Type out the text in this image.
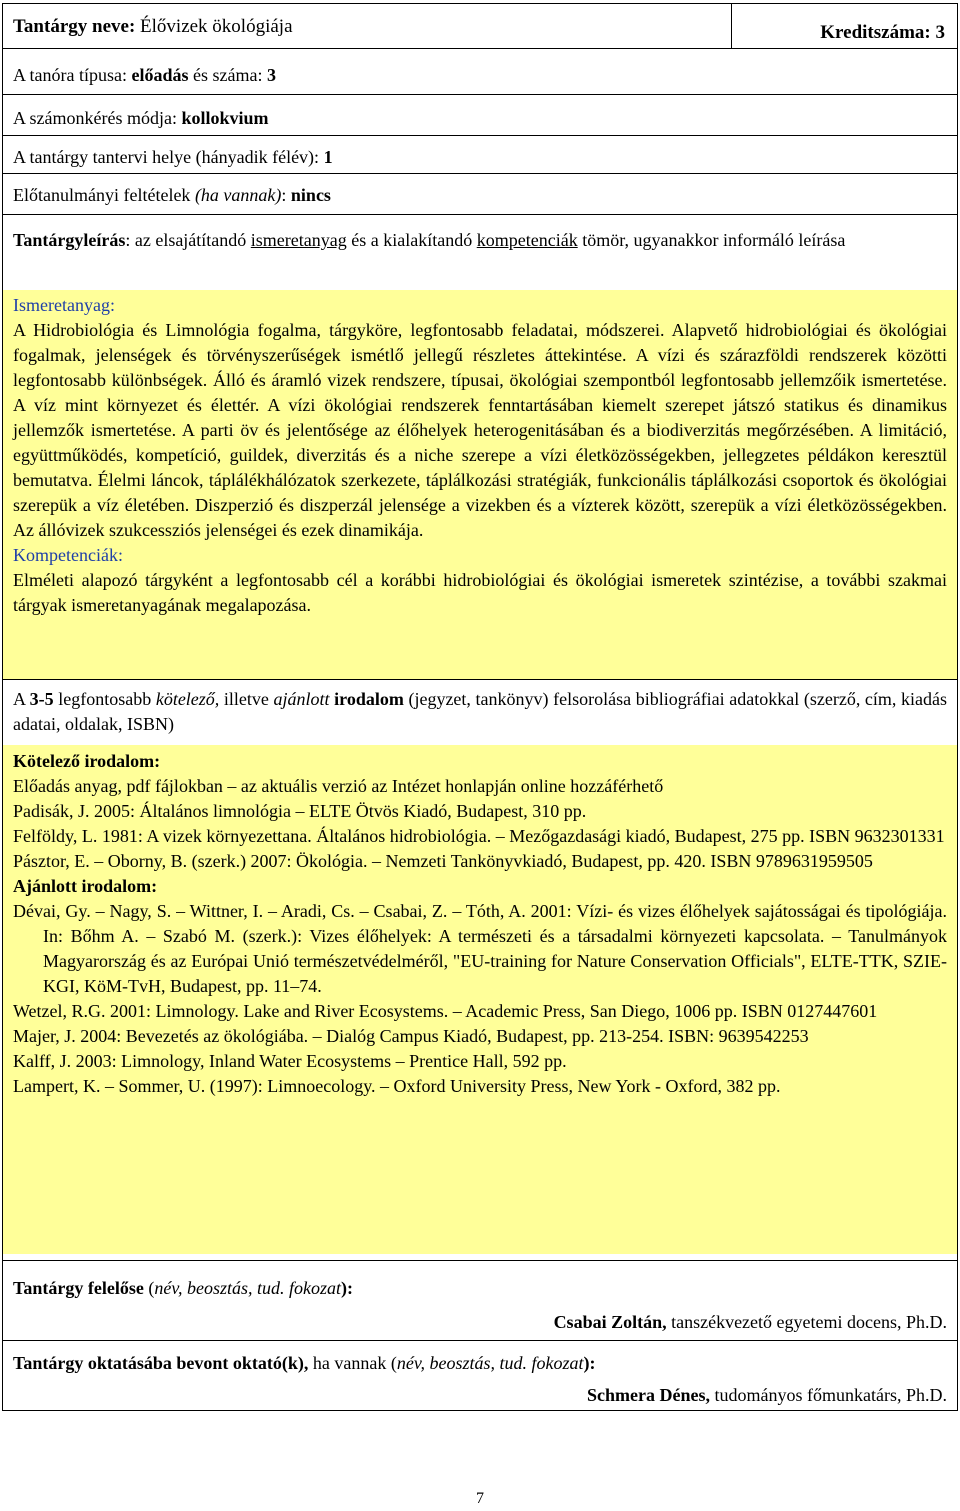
Tantárgy neve: Élővizek ökológiája	Kreditszáma: 3
A tanóra típusa: előadás és száma: 3
A számonkérés módja: kollokvium
A tantárgy tantervi helye (hányadik félév): 1
Előtanulmányi feltételek (ha vannak): nincs
Tantárgyleírás: az elsajátítandó ismeretanyag és a kialakítandó kompetenciák tömör, ugyanakkor informáló leírása

Ismeretanyag:

A Hidrobiológia és Limnológia fogalma, tárgyköre, legfontosabb feladatai, módszerei. Alapvető hidrobiológiai és ökológiai fogalmak, jelenségek és törvényszerűségek ismétlő jellegű részletes áttekintése. A vízi és szárazföldi rendszerek közötti legfontosabb különbségek. Álló és áramló vizek rendszere, típusai, ökológiai szempontból legfontosabb jellemzőik ismertetése. A víz mint környezet és élettér. A vízi ökológiai rendszerek fenntartásában kiemelt szerepet játszó statikus és dinamikus jellemzők ismertetése. A parti öv és jelentősége az élőhelyek heterogenitásában és a biodiverzitás megőrzésében. A limitáció, együttműködés, kompetíció, guildek, diverzitás és a niche szerepe a vízi életközösségekben, jellegzetes példákon keresztül bemutatva. Élelmi láncok, táplálékhálózatok szerkezete, táplálkozási stratégiák, funkcionális táplálkozási csoportok és ökológiai szerepük a víz életében. Diszperzió és diszperzál jelensége a vizekben és a vízterek között, szerepük a vízi életközösségekben. Az állóvizek szukcessziós jelenségei és ezek dinamikája.

Kompetenciák:

Elméleti alapozó tárgyként a legfontosabb cél a korábbi hidrobiológiai és ökológiai ismeretek szintézise, a további szakmai tárgyak ismeretanyagának megalapozása.

A 3-5 legfontosabb kötelező, illetve ajánlott irodalom (jegyzet, tankönyv) felsorolása bibliográfiai adatokkal (szerző, cím, kiadás adatai, oldalak, ISBN)

Kötelező irodalom:

Előadás anyag, pdf fájlokban – az aktuális verzió az Intézet honlapján online hozzáférhető

Padisák, J. 2005: Általános limnológia – ELTE Ötvös Kiadó, Budapest, 310 pp.

Felföldy, L. 1981: A vizek környezettana. Általános hidrobiológia. – Mezőgazdasági kiadó, Budapest, 275 pp. ISBN 9632301331

Pásztor, E. – Oborny, B. (szerk.) 2007: Ökológia. – Nemzeti Tankönyvkiadó, Budapest, pp. 420. ISBN 9789631959505

Ajánlott irodalom:

Dévai, Gy. – Nagy, S. – Wittner, I. – Aradi, Cs. – Csabai, Z. – Tóth, A. 2001: Vízi- és vizes élőhelyek sajátosságai és tipológiája. In: Bőhm A. – Szabó M. (szerk.): Vizes élőhelyek: A természeti és a társadalmi környezeti kapcsolata. – Tanulmányok Magyarország és az Európai Unió természetvédelméről, "EU-training for Nature Conservation Officials", ELTE-TTK, SZIE-KGI, KöM-TvH, Budapest, pp. 11–74.

Wetzel, R.G. 2001: Limnology. Lake and River Ecosystems. – Academic Press, San Diego, 1006 pp. ISBN 0127447601

Majer, J. 2004: Bevezetés az ökológiába. – Dialóg Campus Kiadó, Budapest, pp. 213-254. ISBN: 9639542253

Kalff, J. 2003: Limnology, Inland Water Ecosystems – Prentice Hall, 592 pp.

Lampert, K. – Sommer, U. (1997): Limnoecology. – Oxford University Press, New York - Oxford, 382 pp.

Tantárgy felelőse (név, beosztás, tud. fokozat):
Csabai Zoltán, tanszékvezető egyetemi docens, Ph.D.
Tantárgy oktatásába bevont oktató(k), ha vannak (név, beosztás, tud. fokozat):
Schmera Dénes, tudományos főmunkatárs, Ph.D.
7
